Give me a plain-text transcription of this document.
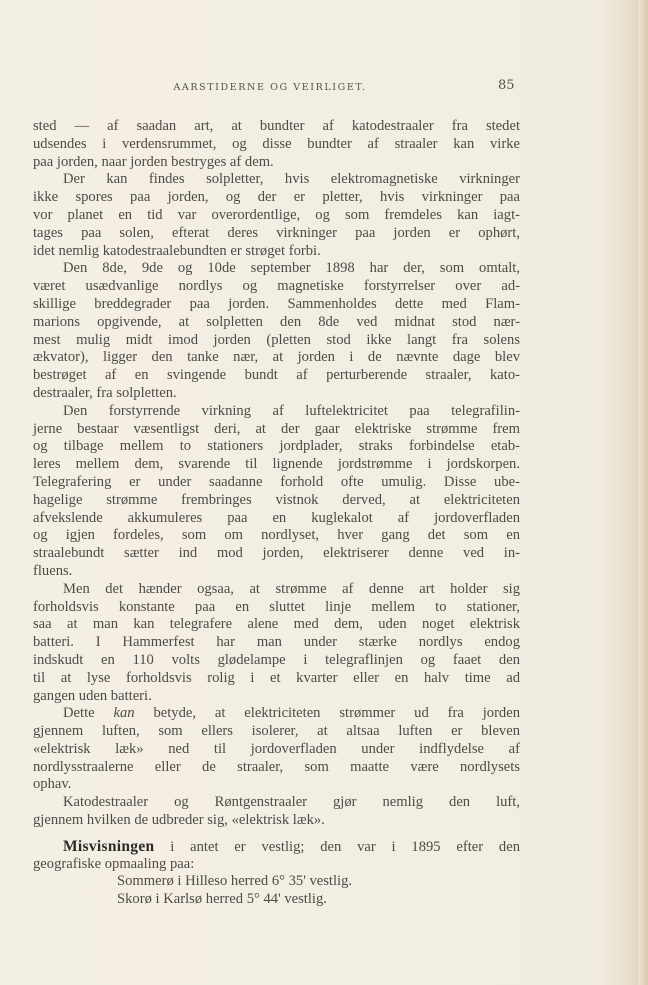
AARSTIDERNE OG VEIRLIGET.	85
sted — af saadan art, at bundter af katodestraaler fra stedet
udsendes i verdensrummet, og disse bundter af straaler kan virke
paa jorden, naar jorden bestryges af dem.
Der kan findes solpletter, hvis elektromagnetiske virkninger
ikke spores paa jorden, og der er pletter, hvis virkninger paa
vor planet en tid var overordentlige, og som fremdeles kan iagt-
tages paa solen, efterat deres virkninger paa jorden er ophørt,
idet nemlig katodestraalebundten er strøget forbi.
Den 8de, 9de og 10de september 1898 har der, som omtalt,
været usædvanlige nordlys og magnetiske forstyrrelser over ad-
skillige breddegrader paa jorden. Sammenholdes dette med Flam-
marions opgivende, at solpletten den 8de ved midnat stod nær-
mest mulig midt imod jorden (pletten stod ikke langt fra solens
ækvator), ligger den tanke nær, at jorden i de nævnte dage blev
bestrøget af en svingende bundt af perturberende straaler, kato-
destraaler, fra solpletten.
Den forstyrrende virkning af luftelektricitet paa telegrafilin-
jerne bestaar væsentligst deri, at der gaar elektriske strømme frem
og tilbage mellem to stationers jordplader, straks forbindelse etab-
leres mellem dem, svarende til lignende jordstrømme i jordskorpen.
Telegrafering er under saadanne forhold ofte umulig. Disse ube-
hagelige strømme frembringes vistnok derved, at elektriciteten
afvekslende akkumuleres paa en kuglekalot af jordoverfladen
og igjen fordeles, som om nordlyset, hver gang det som en
straalebundt sætter ind mod jorden, elektriserer denne ved in-
fluens.
Men det hænder ogsaa, at strømme af denne art holder sig
forholdsvis konstante paa en sluttet linje mellem to stationer,
saa at man kan telegrafere alene med dem, uden noget elektrisk
batteri. I Hammerfest har man under stærke nordlys endog
indskudt en 110 volts glødelampe i telegraflinjen og faaet den
til at lyse forholdsvis rolig i et kvarter eller en halv time ad
gangen uden batteri.
Dette kan betyde, at elektriciteten strømmer ud fra jorden
gjennem luften, som ellers isolerer, at altsaa luften er bleven
«elektrisk læk» ned til jordoverfladen under indflydelse af
nordlysstraalerne eller de straaler, som maatte være nordlysets
ophav.
Katodestraaler og Røntgenstraaler gjør nemlig den luft,
gjennem hvilken de udbreder sig, «elektrisk læk».
Misvisningen i antet er vestlig; den var i 1895 efter den
geografiske opmaaling paa:
Sommerø i Hilleso herred 6° 35' vestlig.
Skorø i Karlsø herred 5° 44' vestlig.
